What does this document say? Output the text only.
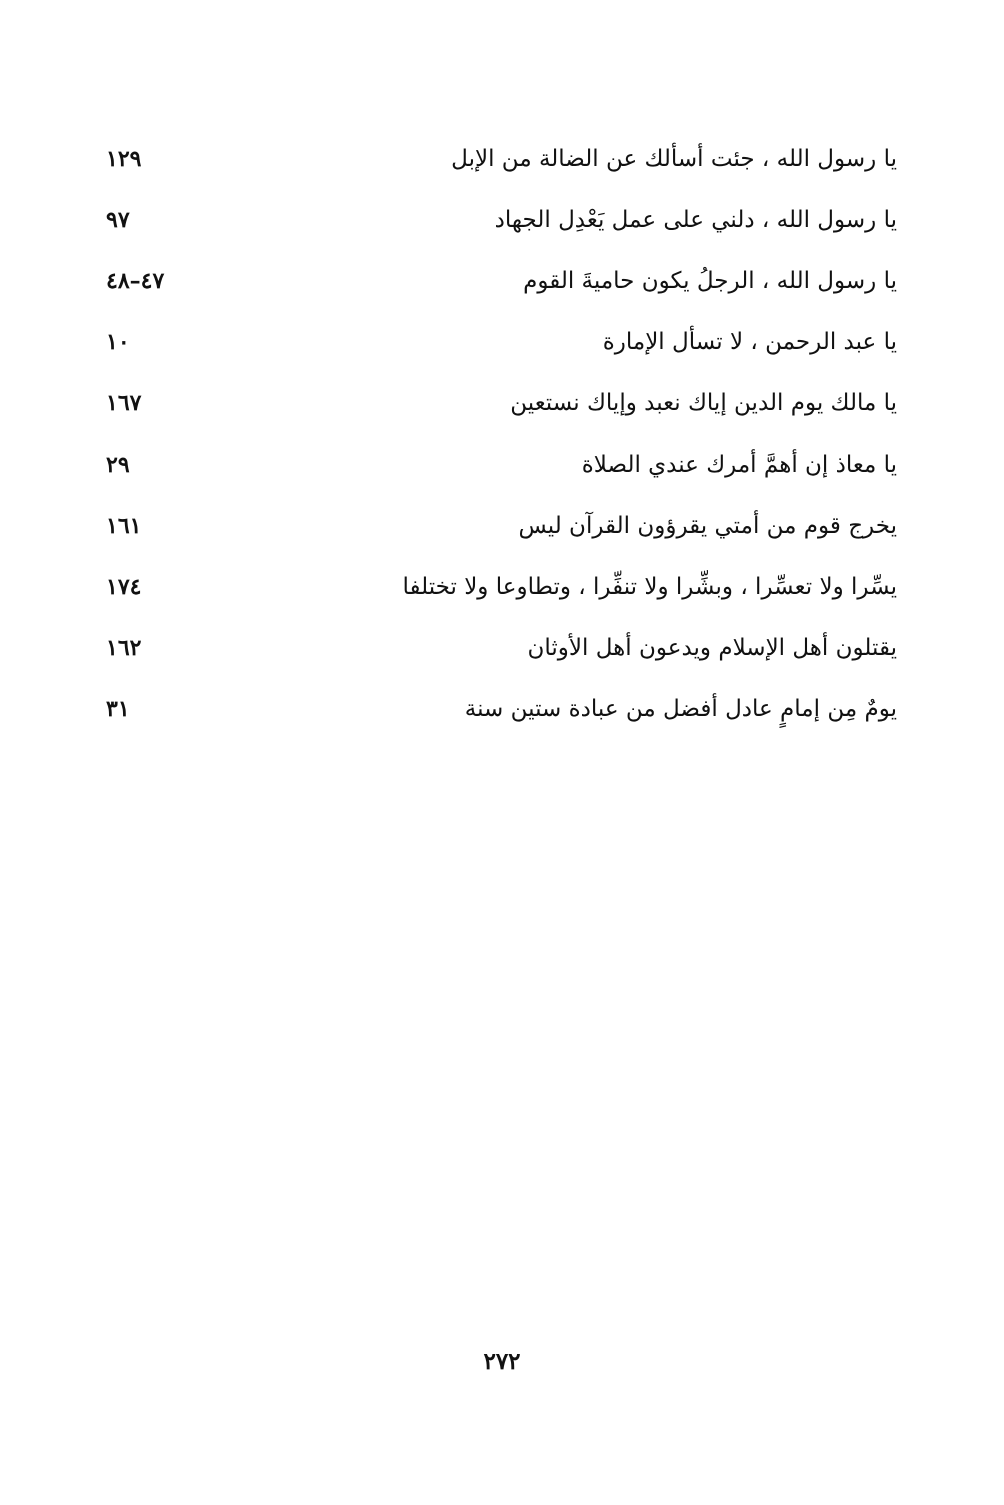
يا رسول الله ، جئت أسألك عن الضالة من الإبل
١٢٩
يا رسول الله ، دلني على عمل يَعْدِل الجهاد
٩٧
يا رسول الله ، الرجلُ يكون حاميةَ القوم
٤٧–٤٨
يا عبد الرحمن ، لا تسأل الإمارة
١٠
يا مالك يوم الدين إياك نعبد وإياك نستعين
١٦٧
يا معاذ إن أهمَّ أمرك عندي الصلاة
٢٩
يخرج قوم من أمتي يقرؤون القرآن ليس
١٦١
يسِّرا ولا تعسِّرا ، وبشِّرا ولا تنفِّرا ، وتطاوعا ولا تختلفا
١٧٤
يقتلون أهل الإسلام ويدعون أهل الأوثان
١٦٢
يومٌ مِن إمامٍ عادل أفضل من عبادة ستين سنة
٣١
٢٧٢
